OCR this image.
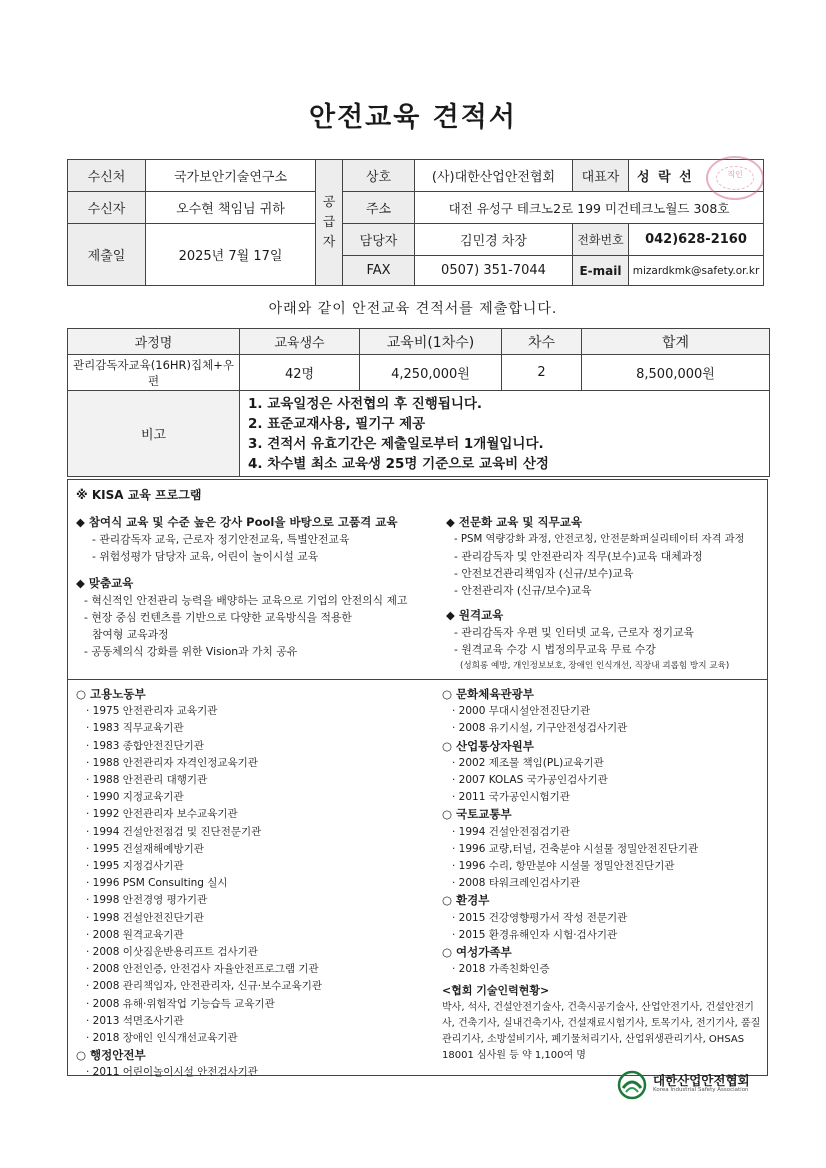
안전교육 견적서
수신처	국가보안기술연구소	공급자	상호	(사)대한산업안전협회	대표자	성 락 선
수신자	오수현 책임님 귀하		주소	대전 유성구 테크노2로 199 미건테크노월드 308호		
제출일	2025년 7월 17일		담당자	김민경 차장	전화번호	042)628-2160
			FAX	0507) 351-7044	E-mail	mizardkmk@safety.or.kr
직인
아래와 같이 안전교육 견적서를 제출합니다.
과정명	교육생수	교육비(1차수)	차수	합계
관리감독자교육(16HR)집체+우편	42명	4,250,000원	2	8,500,000원
비고	1. 교육일정은 사전협의 후 진행됩니다.
2. 표준교재사용, 필기구 제공
3. 견적서 유효기간은 제출일로부터 1개월입니다.
4. 차수별 최소 교육생 25명 기준으로 교육비 산정			
※ KISA 교육 프로그램
◆ 참여식 교육 및 수준 높은 강사 Pool을 바탕으로 고품격 교육
- 관리감독자 교육, 근로자 정기안전교육, 특별안전교육
- 위험성평가 담당자 교육, 어린이 놀이시설 교육
◆ 맞춤교육
- 혁신적인 안전관리 능력을 배양하는 교육으로 기업의 안전의식 제고
- 현장 중심 컨텐츠를 기반으로 다양한 교육방식을 적용한
참여형 교육과정
- 공동체의식 강화를 위한 Vision과 가치 공유
◆ 전문화 교육 및 직무교육
- PSM 역량강화 과정, 안전코칭, 안전문화퍼실리테이터 자격 과정
- 관리감독자 및 안전관리자 직무(보수)교육 대체과정
- 안전보건관리책임자 (신규/보수)교육
- 안전관리자 (신규/보수)교육
◆ 원격교육
- 관리감독자 우편 및 인터넷 교육, 근로자 정기교육
- 원격교육 수강 시 법정의무교육 무료 수강
(성희롱 예방, 개인정보보호, 장애인 인식개선, 직장내 괴롭힘 방지 교육)
○ 고용노동부
· 1975 안전관리자 교육기관
· 1983 직무교육기관
· 1983 종합안전진단기관
· 1988 안전관리자 자격인정교육기관
· 1988 안전관리 대행기관
· 1990 지정교육기관
· 1992 안전관리자 보수교육기관
· 1994 건설안전점검 및 진단전문기관
· 1995 건설재해예방기관
· 1995 지정검사기관
· 1996 PSM Consulting 실시
· 1998 안전경영 평가기관
· 1998 건설안전진단기관
· 2008 원격교육기관
· 2008 이삿짐운반용리프트 검사기관
· 2008 안전인증, 안전검사 자율안전프로그램 기관
· 2008 관리책임자, 안전관리자, 신규·보수교육기관
· 2008 유해·위험작업 기능습득 교육기관
· 2013 석면조사기관
· 2018 장애인 인식개선교육기관
○ 행정안전부
· 2011 어린이놀이시설 안전검사기관
○ 문화체육관광부
· 2000 무대시설안전진단기관
· 2008 유기시설, 기구안전성검사기관
○ 산업통상자원부
· 2002 제조물 책임(PL)교육기관
· 2007 KOLAS 국가공인검사기관
· 2011 국가공인시험기관
○ 국토교통부
· 1994 건설안전점검기관
· 1996 교량,터널, 건축분야 시설물 정밀안전진단기관
· 1996 수리, 항만분야 시설물 정밀안전진단기관
· 2008 타워크레인검사기관
○ 환경부
· 2015 건강영향평가서 작성 전문기관
· 2015 환경유해인자 시험·검사기관
○ 여성가족부
· 2018 가족친화인증
<협회 기술인력현황>
박사, 석사, 건설안전기술사, 건축시공기술사, 산업안전기사, 건설안전기사, 건축기사, 실내건축기사, 건설재료시험기사, 토목기사, 전기기사, 품질관리기사, 소방설비기사, 폐기물처리기사, 산업위생관리기사, OHSAS 18001 심사원 등 약 1,100여 명
대한산업안전협회
Korea Industrial Safety Association
